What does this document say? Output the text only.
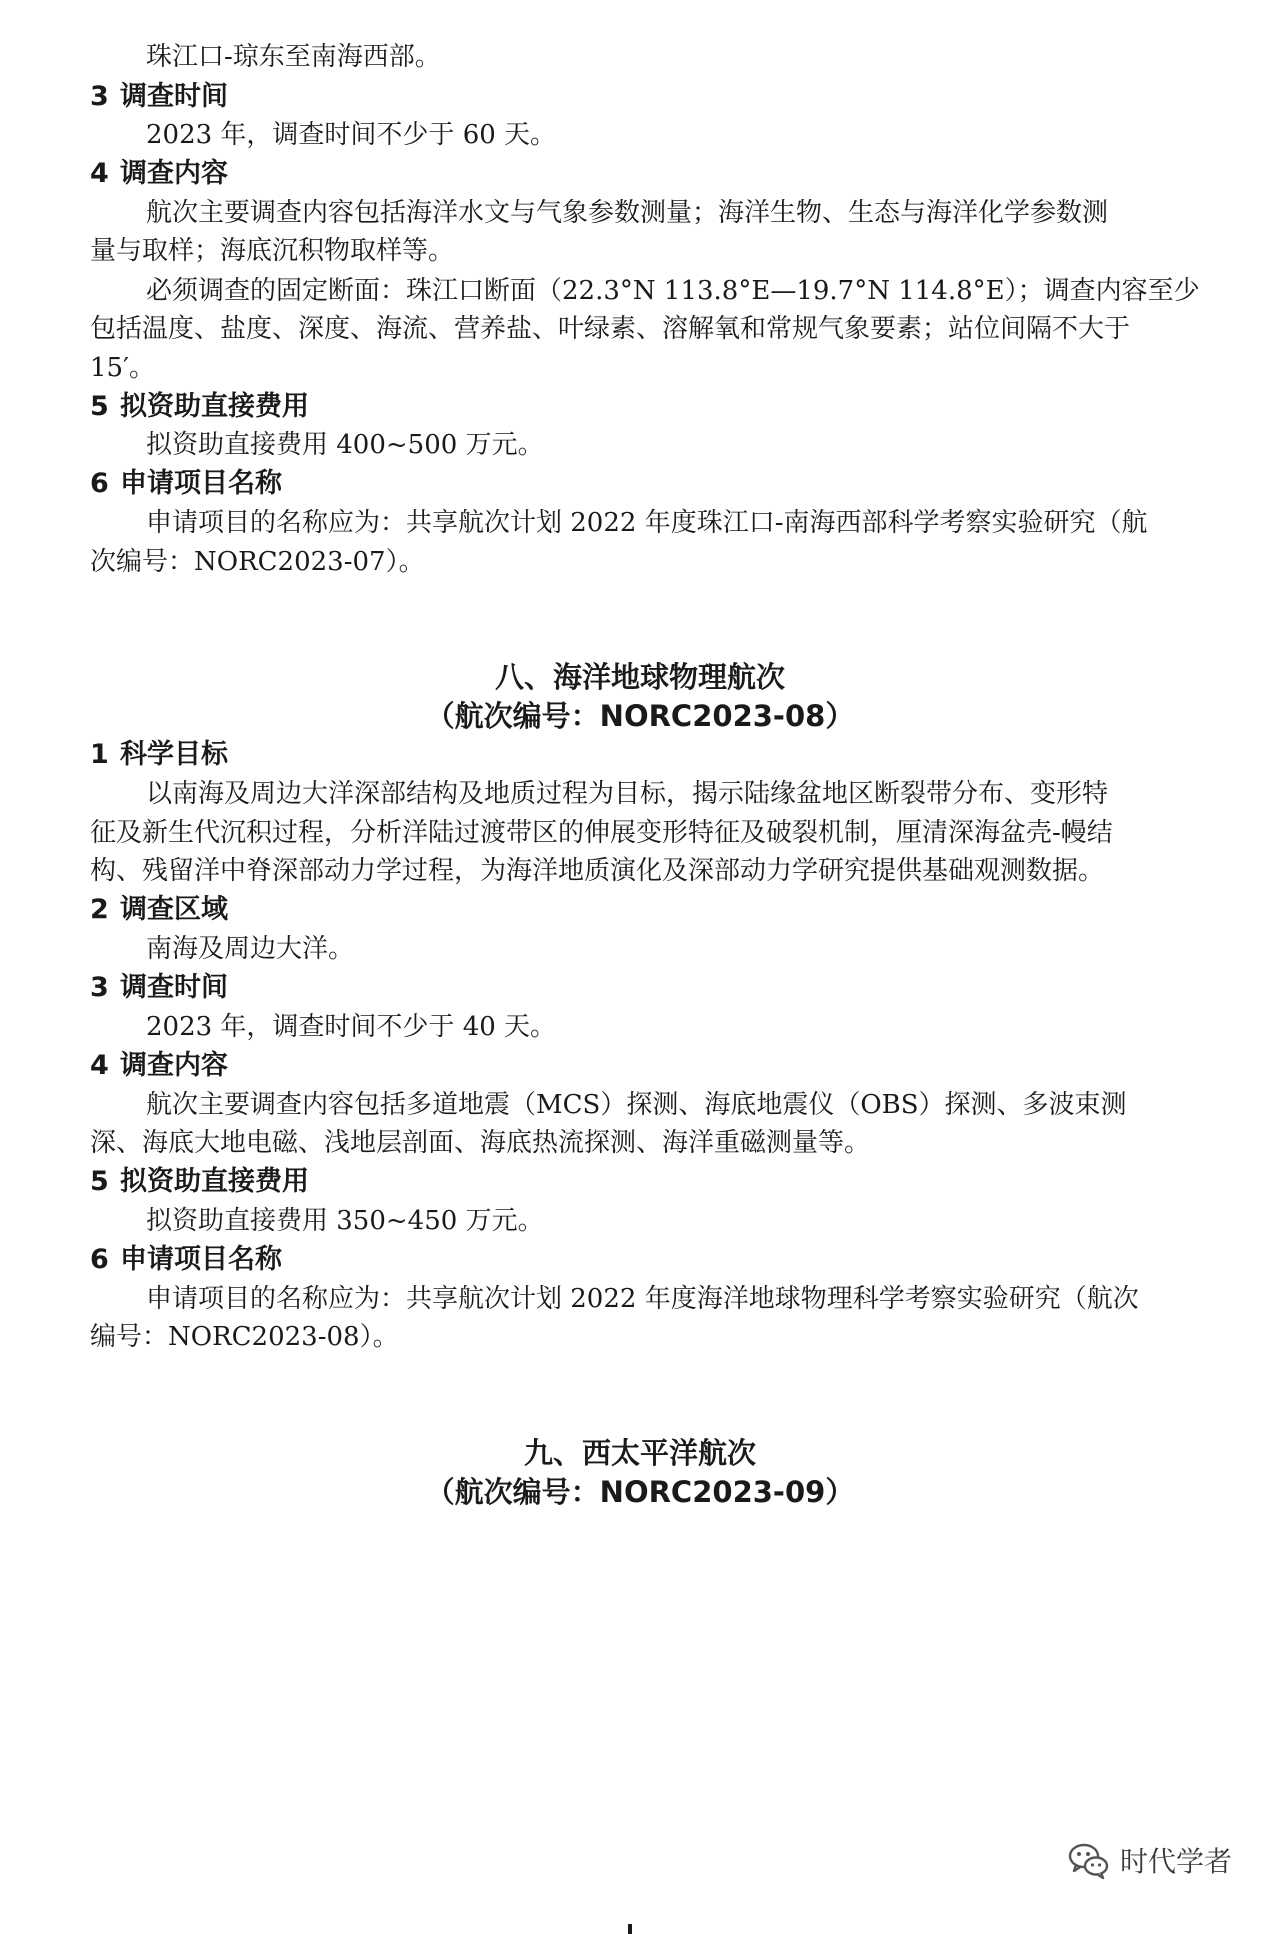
珠江口-琼东至南海西部。
3 调查时间
2023 年，调查时间不少于 60 天。
4 调查内容
航次主要调查内容包括海洋水文与气象参数测量；海洋生物、生态与海洋化学参数测
量与取样；海底沉积物取样等。
必须调查的固定断面：珠江口断面（22.3°N 113.8°E—19.7°N 114.8°E）；调查内容至少
包括温度、盐度、深度、海流、营养盐、叶绿素、溶解氧和常规气象要素；站位间隔不大于
15′。
5 拟资助直接费用
拟资助直接费用 400~500 万元。
6 申请项目名称
申请项目的名称应为：共享航次计划 2022 年度珠江口-南海西部科学考察实验研究（航
次编号：NORC2023-07）。
八、海洋地球物理航次
（航次编号：NORC2023-08）
1 科学目标
以南海及周边大洋深部结构及地质过程为目标，揭示陆缘盆地区断裂带分布、变形特
征及新生代沉积过程，分析洋陆过渡带区的伸展变形特征及破裂机制，厘清深海盆壳-幔结
构、残留洋中脊深部动力学过程，为海洋地质演化及深部动力学研究提供基础观测数据。
2 调查区域
南海及周边大洋。
3 调查时间
2023 年，调查时间不少于 40 天。
4 调查内容
航次主要调查内容包括多道地震（MCS）探测、海底地震仪（OBS）探测、多波束测
深、海底大地电磁、浅地层剖面、海底热流探测、海洋重磁测量等。
5 拟资助直接费用
拟资助直接费用 350~450 万元。
6 申请项目名称
申请项目的名称应为：共享航次计划 2022 年度海洋地球物理科学考察实验研究（航次
编号：NORC2023-08）。
九、西太平洋航次
（航次编号：NORC2023-09）
时代学者
